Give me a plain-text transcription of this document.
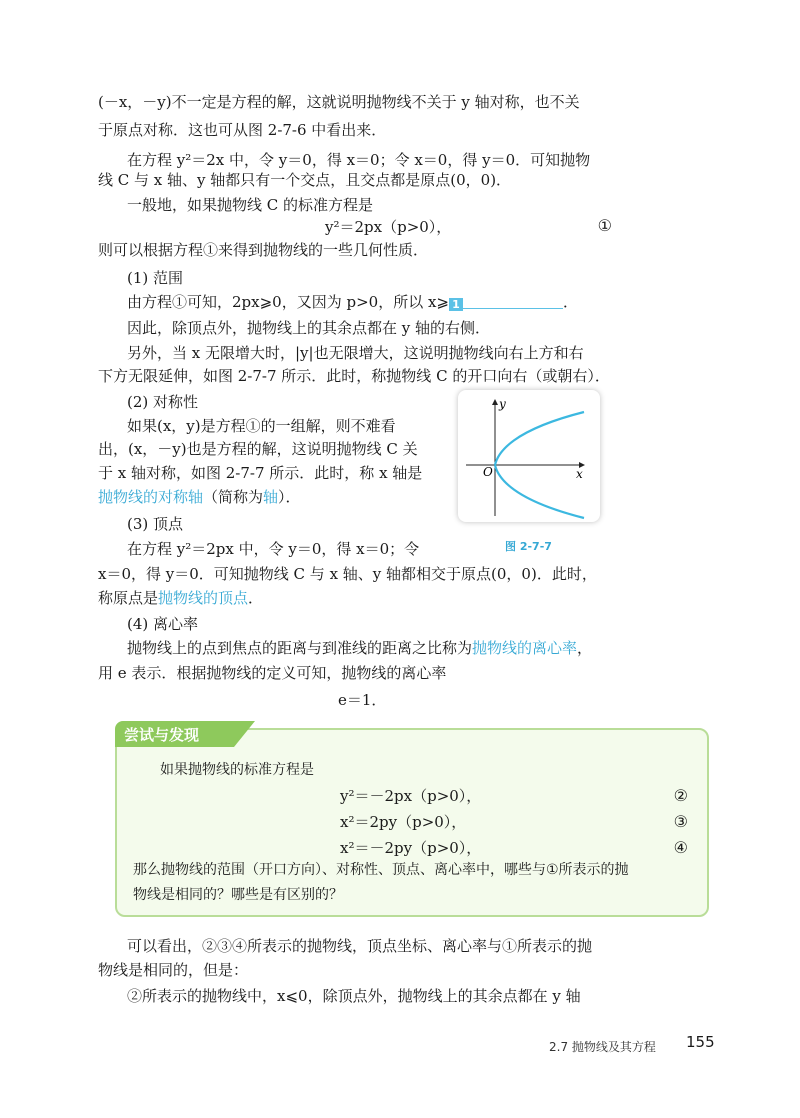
(－x，－y)不一定是方程的解，这就说明抛物线不关于 y 轴对称，也不关
于原点对称．这也可从图 2-7-6 中看出来．
在方程 y²＝2x 中，令 y＝0，得 x＝0；令 x＝0，得 y＝0．可知抛物
线 C 与 x 轴、y 轴都只有一个交点，且交点都是原点(0，0)．
一般地，如果抛物线 C 的标准方程是
y²＝2px（p>0），	①
则可以根据方程①来得到抛物线的一些几何性质．
(1) 范围
由方程①可知，2px⩾0，又因为 p>0，所以 x⩾ 1	．
因此，除顶点外，抛物线上的其余点都在 y 轴的右侧．
另外，当 x 无限增大时，|y|也无限增大，这说明抛物线向右上方和右
下方无限延伸，如图 2-7-7 所示．此时，称抛物线 C 的开口向右（或朝右）．
(2) 对称性
如果(x，y)是方程①的一组解，则不难看
出，(x，－y)也是方程的解，这说明抛物线 C 关
于 x 轴对称，如图 2-7-7 所示．此时，称 x 轴是
抛物线的对称轴（简称为轴）．
(3) 顶点
在方程 y²＝2px 中，令 y＝0，得 x＝0；令
x＝0，得 y＝0．可知抛物线 C 与 x 轴、y 轴都相交于原点(0，0)．此时，
称原点是抛物线的顶点．
(4) 离心率
抛物线上的点到焦点的距离与到准线的距离之比称为抛物线的离心率，
用 e 表示．根据抛物线的定义可知，抛物线的离心率
e＝1．
y
x
O
图 2-7-7
尝试与发现
如果抛物线的标准方程是
y²＝－2px（p>0），	②
x²＝2py（p>0），	③
x²＝－2py（p>0），	④
那么抛物线的范围（开口方向）、对称性、顶点、离心率中，哪些与①所表示的抛
物线是相同的？哪些是有区别的？
可以看出，②③④所表示的抛物线，顶点坐标、离心率与①所表示的抛
物线是相同的，但是：
②所表示的抛物线中，x⩽0，除顶点外，抛物线上的其余点都在 y 轴
2.7 抛物线及其方程 155
